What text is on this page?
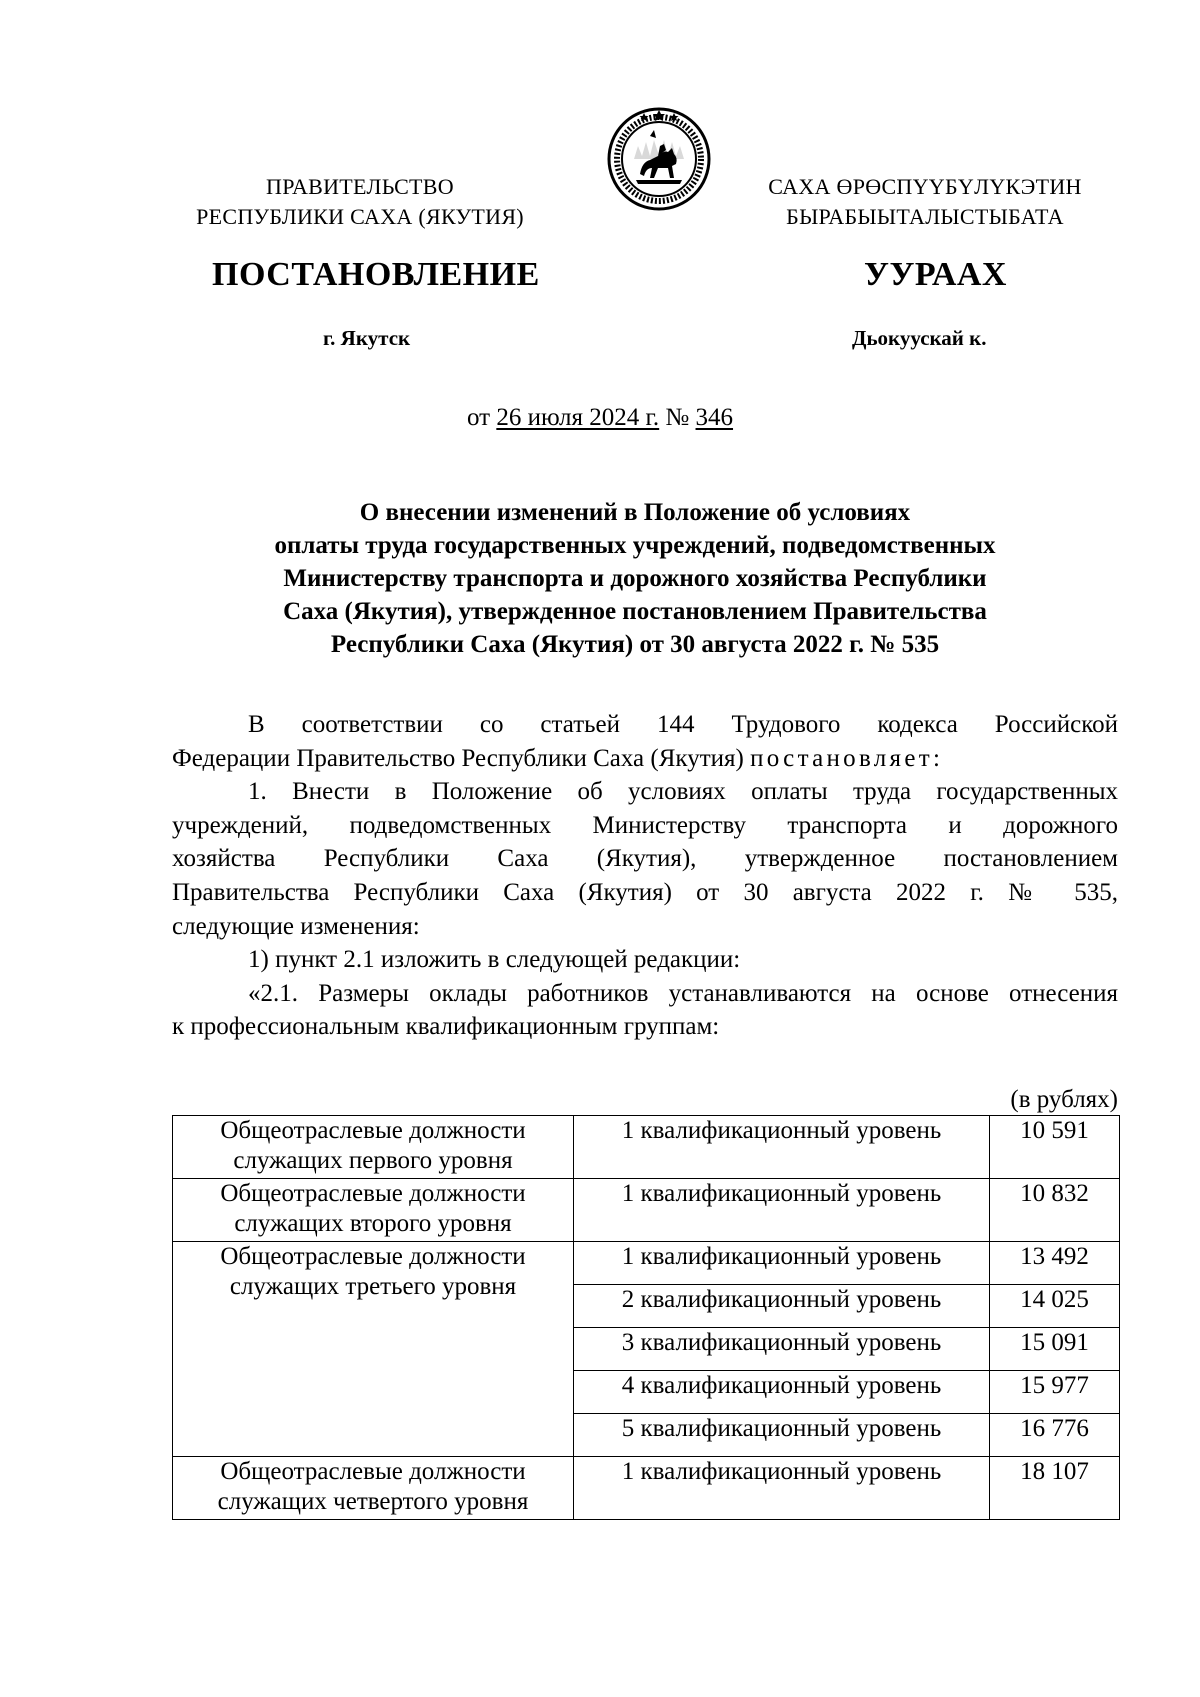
ПРАВИТЕЛЬСТВО
РЕСПУБЛИКИ САХА (ЯКУТИЯ)
САХА ӨРӨСПҮҮБҮЛҮКЭТИН
БЫРАБЫЫТАЛЫСТЫБАТА
ПОСТАНОВЛЕНИЕ	УУРААХ
г. Якутск	Дьокуускай к.
от 26 июля 2024 г. № 346
О внесении изменений в Положение об условиях
оплаты труда государственных учреждений, подведомственных
Министерству транспорта и дорожного хозяйства Республики
Саха (Якутия), утвержденное постановлением Правительства
Республики Саха (Якутия) от 30 августа 2022 г. № 535
В соответствии со статьей 144 Трудового кодекса Российской
Федерации Правительство Республики Саха (Якутия) постановляет:
1. Внести в Положение об условиях оплаты труда государственных
учреждений, подведомственных Министерству транспорта и дорожного
хозяйства Республики Саха (Якутия), утвержденное постановлением
Правительства Республики Саха (Якутия) от 30 августа 2022 г. № 535,
следующие изменения:
1) пункт 2.1 изложить в следующей редакции:
«2.1. Размеры оклады работников устанавливаются на основе отнесения
к профессиональным квалификационным группам:
(в рублях)
Общеотраслевые должности
служащих первого уровня	1 квалификационный уровень	10 591

Общеотраслевые должности
служащих второго уровня	1 квалификационный уровень	10 832

Общеотраслевые должности
служащих третьего уровня	1 квалификационный уровень	13 492
	2 квалификационный уровень	14 025
	3 квалификационный уровень	15 091
	4 квалификационный уровень	15 977
	5 квалификационный уровень	16 776

Общеотраслевые должности
служащих четвертого уровня	1 квалификационный уровень	18 107
